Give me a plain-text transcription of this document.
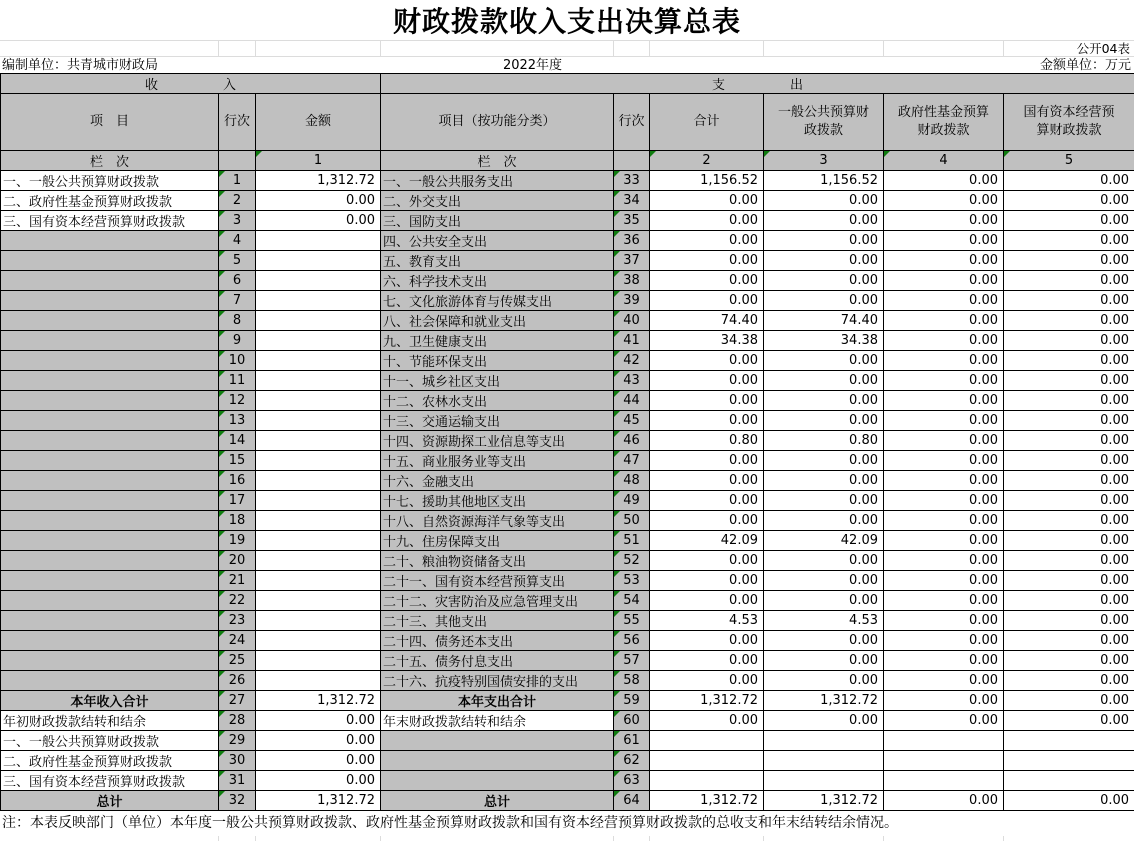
财政拨款收入支出决算总表
公开04表
编制单位：共青城市财政局	2022年度	金额单位：万元
收　　　　　入			支　　　　　出					
项　目	行次	金额	项目（按功能分类）	行次	合计	一般公共预算财政拨款	政府性基金预算财政拨款	国有资本经营预算财政拨款
栏　次		1	栏　次		2	3	4	5
一、一般公共预算财政拨款	1	1,312.72	一、一般公共服务支出	33	1,156.52	1,156.52	0.00	0.00
二、政府性基金预算财政拨款	2	0.00	二、外交支出	34	0.00	0.00	0.00	0.00
三、国有资本经营预算财政拨款	3	0.00	三、国防支出	35	0.00	0.00	0.00	0.00
	4		四、公共安全支出	36	0.00	0.00	0.00	0.00
	5		五、教育支出	37	0.00	0.00	0.00	0.00
	6		六、科学技术支出	38	0.00	0.00	0.00	0.00
	7		七、文化旅游体育与传媒支出	39	0.00	0.00	0.00	0.00
	8		八、社会保障和就业支出	40	74.40	74.40	0.00	0.00
	9		九、卫生健康支出	41	34.38	34.38	0.00	0.00
	10		十、节能环保支出	42	0.00	0.00	0.00	0.00
	11		十一、城乡社区支出	43	0.00	0.00	0.00	0.00
	12		十二、农林水支出	44	0.00	0.00	0.00	0.00
	13		十三、交通运输支出	45	0.00	0.00	0.00	0.00
	14		十四、资源勘探工业信息等支出	46	0.80	0.80	0.00	0.00
	15		十五、商业服务业等支出	47	0.00	0.00	0.00	0.00
	16		十六、金融支出	48	0.00	0.00	0.00	0.00
	17		十七、援助其他地区支出	49	0.00	0.00	0.00	0.00
	18		十八、自然资源海洋气象等支出	50	0.00	0.00	0.00	0.00
	19		十九、住房保障支出	51	42.09	42.09	0.00	0.00
	20		二十、粮油物资储备支出	52	0.00	0.00	0.00	0.00
	21		二十一、国有资本经营预算支出	53	0.00	0.00	0.00	0.00
	22		二十二、灾害防治及应急管理支出	54	0.00	0.00	0.00	0.00
	23		二十三、其他支出	55	4.53	4.53	0.00	0.00
	24		二十四、债务还本支出	56	0.00	0.00	0.00	0.00
	25		二十五、债务付息支出	57	0.00	0.00	0.00	0.00
	26		二十六、抗疫特别国债安排的支出	58	0.00	0.00	0.00	0.00
本年收入合计	27	1,312.72	本年支出合计	59	1,312.72	1,312.72	0.00	0.00
年初财政拨款结转和结余	28	0.00	年末财政拨款结转和结余	60	0.00	0.00	0.00	0.00
一、一般公共预算财政拨款	29	0.00		61				
二、政府性基金预算财政拨款	30	0.00		62				
三、国有资本经营预算财政拨款	31	0.00		63				
总计	32	1,312.72	总计	64	1,312.72	1,312.72	0.00	0.00
注：本表反映部门（单位）本年度一般公共预算财政拨款、政府性基金预算财政拨款和国有资本经营预算财政拨款的总收支和年末结转结余情况。
